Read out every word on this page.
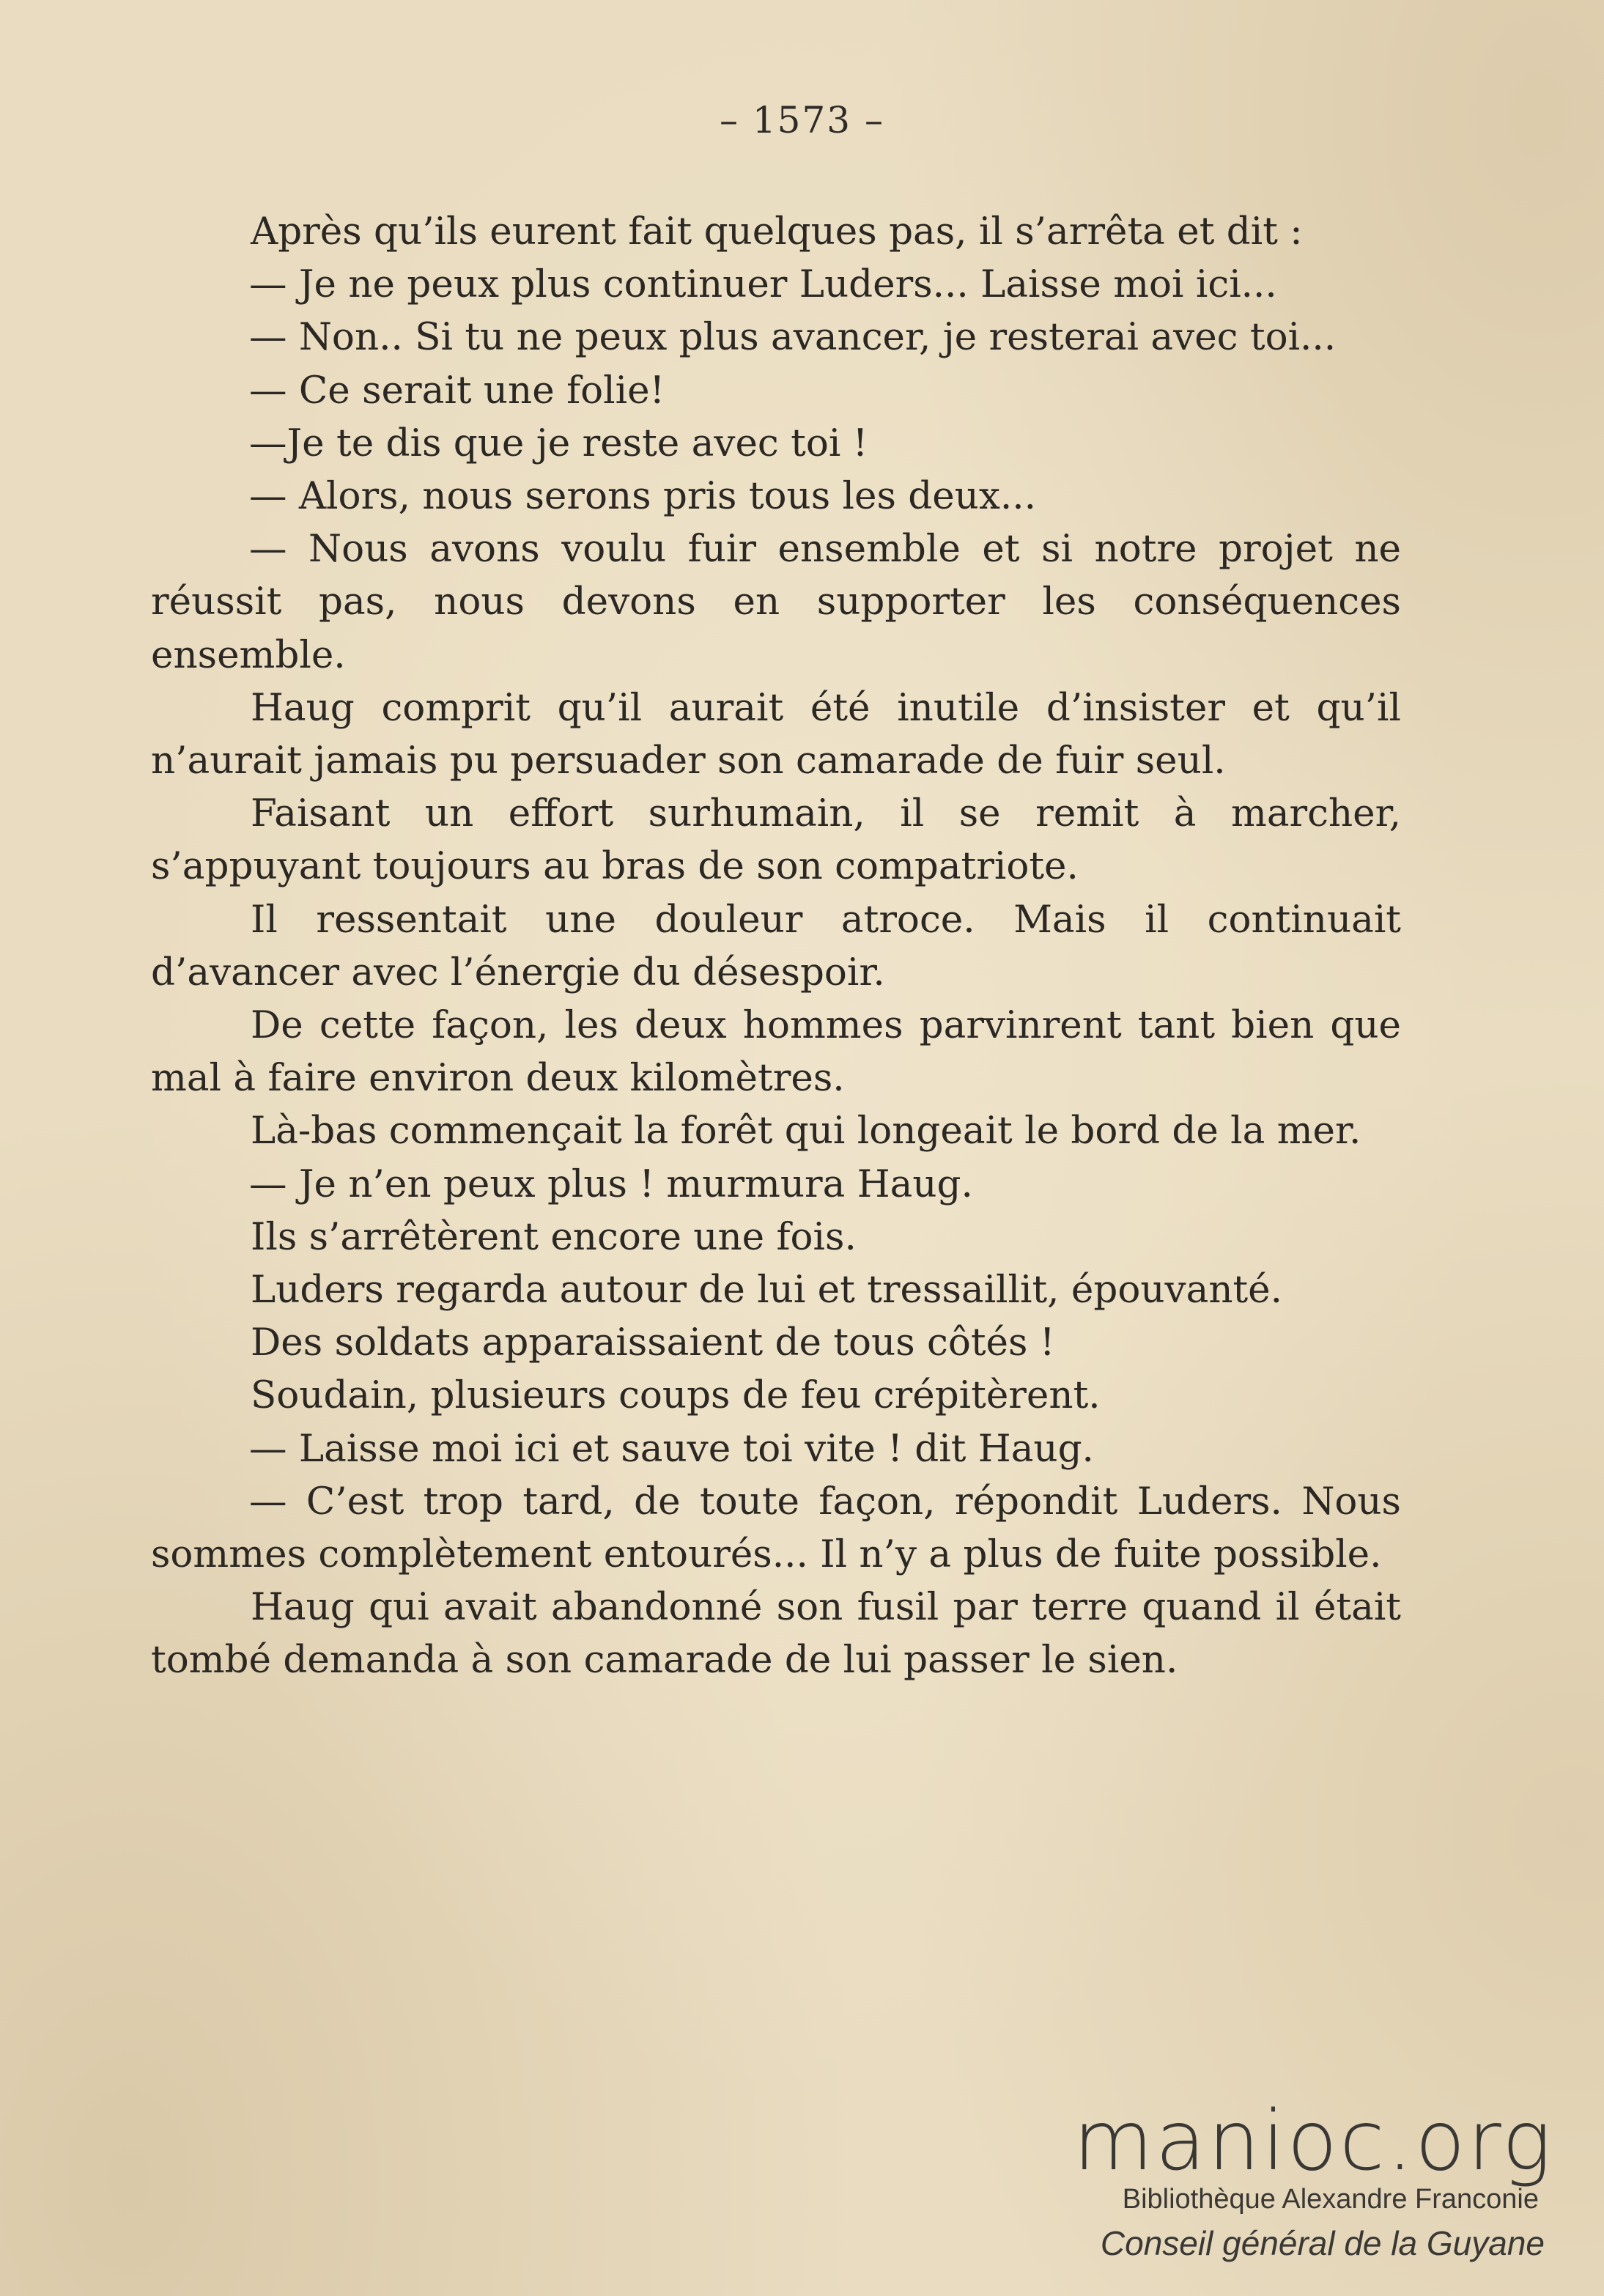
– 1573 –

Après qu’ils eurent fait quelques pas, il s’arrêta et dit :

— Je ne peux plus continuer Luders... Laisse moi ici...

— Non.. Si tu ne peux plus avancer, je resterai avec toi...

— Ce serait une folie!

—Je te dis que je reste avec toi !

— Alors, nous serons pris tous les deux...

— Nous avons voulu fuir ensemble et si notre projet ne réussit pas, nous devons en supporter les conséquences ensemble.

Haug comprit qu’il aurait été inutile d’insister et qu’il n’aurait jamais pu persuader son camarade de fuir seul.

Faisant un effort surhumain, il se remit à marcher, s’appuyant toujours au bras de son compatriote.

Il ressentait une douleur atroce. Mais il continuait d’avancer avec l’énergie du désespoir.

De cette façon, les deux hommes parvinrent tant bien que mal à faire environ deux kilomètres.

Là-bas commençait la forêt qui longeait le bord de la mer.

— Je n’en peux plus ! murmura Haug.

Ils s’arrêtèrent encore une fois.

Luders regarda autour de lui et tressaillit, épouvanté.

Des soldats apparaissaient de tous côtés !

Soudain, plusieurs coups de feu crépitèrent.

— Laisse moi ici et sauve toi vite ! dit Haug.

— C’est trop tard, de toute façon, répondit Luders. Nous sommes complètement entourés... Il n’y a plus de fuite possible.

Haug qui avait abandonné son fusil par terre quand il était tombé demanda à son camarade de lui passer le sien.

manioc.org
Bibliothèque Alexandre Franconie
Conseil général de la Guyane
